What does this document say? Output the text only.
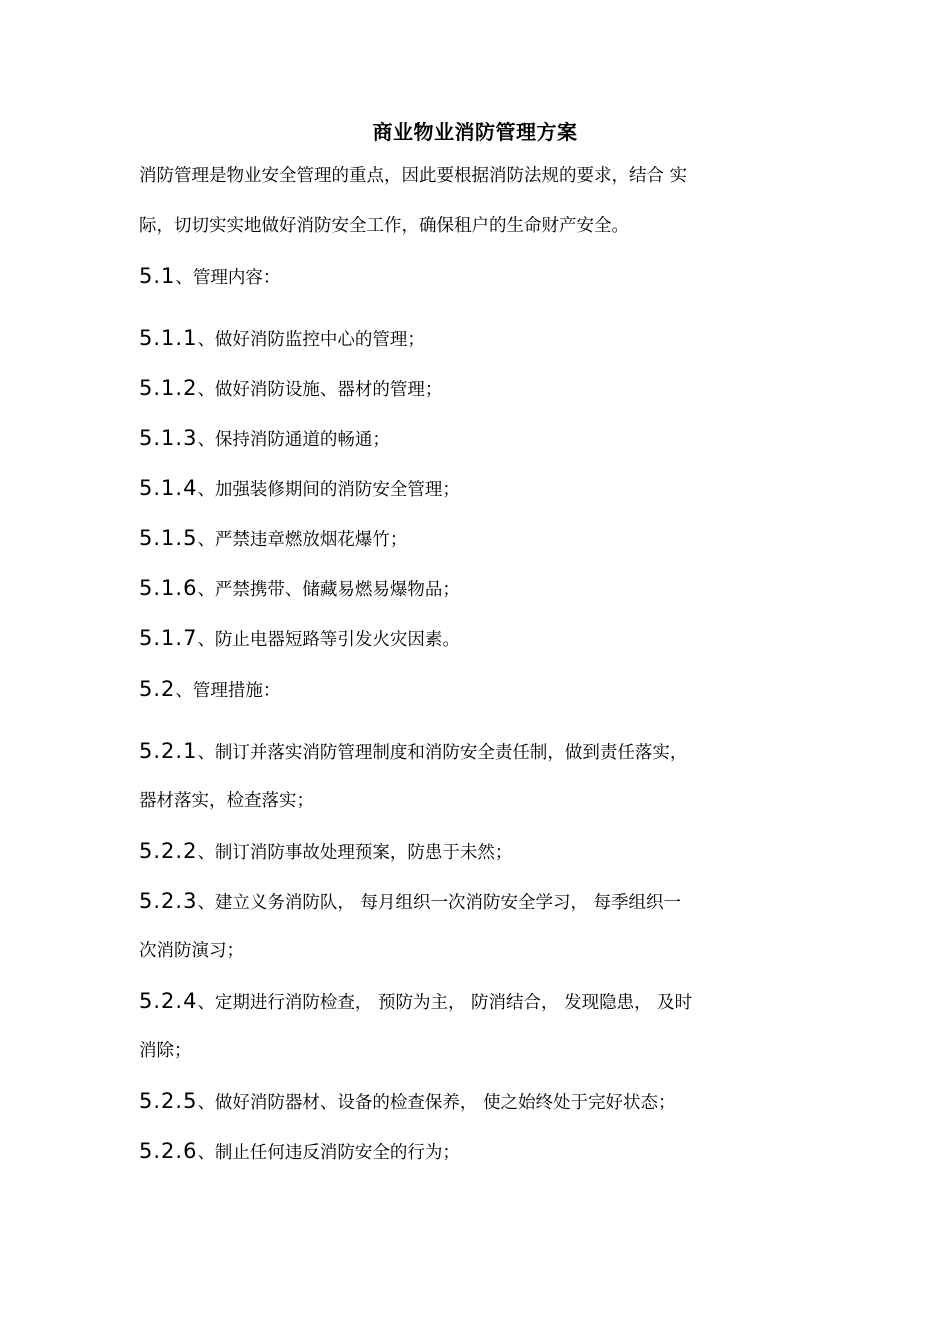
商业物业消防管理方案
消防管理是物业安全管理的重点，因此要根据消防法规的要求，结合 实
际，切切实实地做好消防安全工作，确保租户的生命财产安全。
5.1、管理内容：
5.1.1、做好消防监控中心的管理；
5.1.2、做好消防设施、器材的管理；
5.1.3、保持消防通道的畅通；
5.1.4、加强装修期间的消防安全管理；
5.1.5、严禁违章燃放烟花爆竹；
5.1.6、严禁携带、储藏易燃易爆物品；
5.1.7、防止电器短路等引发火灾因素。
5.2、管理措施：
5.2.1、制订并落实消防管理制度和消防安全责任制，做到责任落实，
器材落实，检查落实；
5.2.2、制订消防事故处理预案，防患于未然；
5.2.3、建立义务消防队， 每月组织一次消防安全学习， 每季组织一
次消防演习；
5.2.4、定期进行消防检查， 预防为主， 防消结合， 发现隐患， 及时
消除；
5.2.5、做好消防器材、设备的检查保养， 使之始终处于完好状态；
5.2.6、制止任何违反消防安全的行为；
